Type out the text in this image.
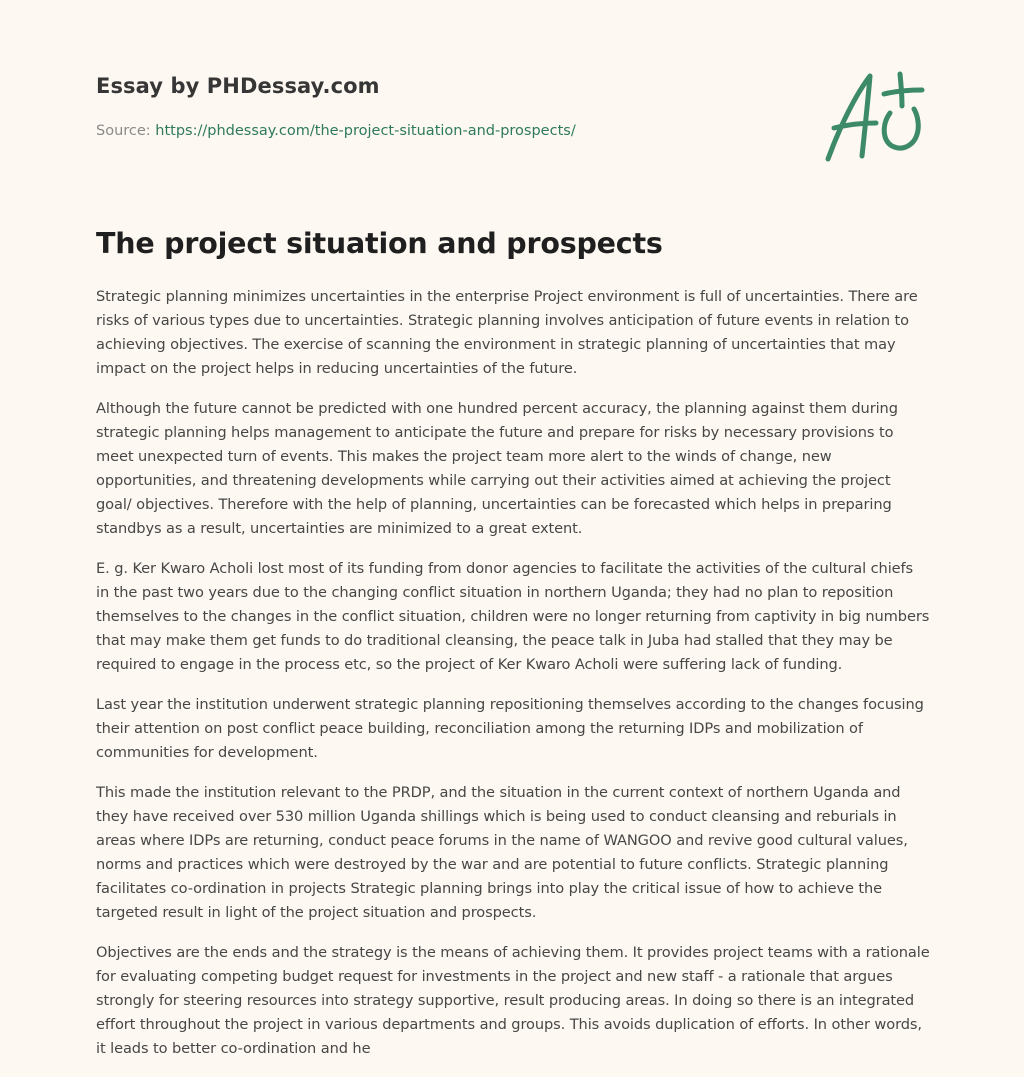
Essay by PHDessay.com
Source: https://phdessay.com/the-project-situation-and-prospects/
The project situation and prospects

Strategic planning minimizes uncertainties in the enterprise Project environment is full of uncertainties. There are risks of various types due to uncertainties. Strategic planning involves anticipation of future events in relation to achieving objectives. The exercise of scanning the environment in strategic planning of uncertainties that may impact on the project helps in reducing uncertainties of the future.

Although the future cannot be predicted with one hundred percent accuracy, the planning against them during strategic planning helps management to anticipate the future and prepare for risks by necessary provisions to meet unexpected turn of events. This makes the project team more alert to the winds of change, new opportunities, and threatening developments while carrying out their activities aimed at achieving the project goal/ objectives. Therefore with the help of planning, uncertainties can be forecasted which helps in preparing standbys as a result, uncertainties are minimized to a great extent.

E. g. Ker Kwaro Acholi lost most of its funding from donor agencies to facilitate the activities of the cultural chiefs in the past two years due to the changing conflict situation in northern Uganda; they had no plan to reposition themselves to the changes in the conflict situation, children were no longer returning from captivity in big numbers that may make them get funds to do traditional cleansing, the peace talk in Juba had stalled that they may be required to engage in the process etc, so the project of Ker Kwaro Acholi were suffering lack of funding.

Last year the institution underwent strategic planning repositioning themselves according to the changes focusing their attention on post conflict peace building, reconciliation among the returning IDPs and mobilization of communities for development.

This made the institution relevant to the PRDP, and the situation in the current context of northern Uganda and they have received over 530 million Uganda shillings which is being used to conduct cleansing and reburials in areas where IDPs are returning, conduct peace forums in the name of WANGOO and revive good cultural values, norms and practices which were destroyed by the war and are potential to future conflicts. Strategic planning facilitates co-ordination in projects Strategic planning brings into play the critical issue of how to achieve the targeted result in light of the project situation and prospects.

Objectives are the ends and the strategy is the means of achieving them. It provides project teams with a rationale for evaluating competing budget request for investments in the project and new staff - a rationale that argues strongly for steering resources into strategy supportive, result producing areas. In doing so there is an integrated effort throughout the project in various departments and groups. This avoids duplication of efforts. In other words, it leads to better co-ordination and he
